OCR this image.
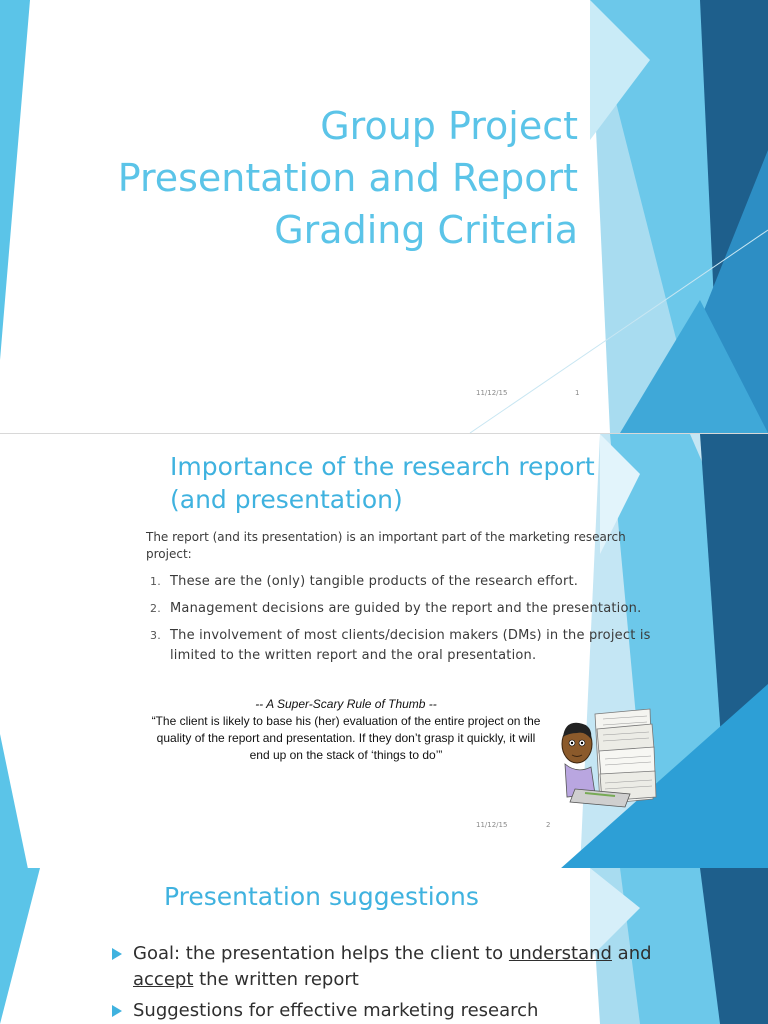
Group Project
Presentation and Report
Grading Criteria
11/12/15	1
Importance of the research report
(and presentation)
The report (and its presentation) is an important part of the marketing research project:
1. These are the (only) tangible products of the research effort.
2. Management decisions are guided by the report and the presentation.
3. The involvement of most clients/decision makers (DMs) in the project is limited to the written report and the oral presentation.
-- A Super-Scary Rule of Thumb --
“The client is likely to base his (her) evaluation of the entire project on the quality of the report and presentation. If they don’t grasp it quickly, it will end up on the stack of ‘things to do’”
11/12/15	2
Presentation suggestions
Goal: the presentation helps the client to understand and accept the written report
Suggestions for effective marketing research
